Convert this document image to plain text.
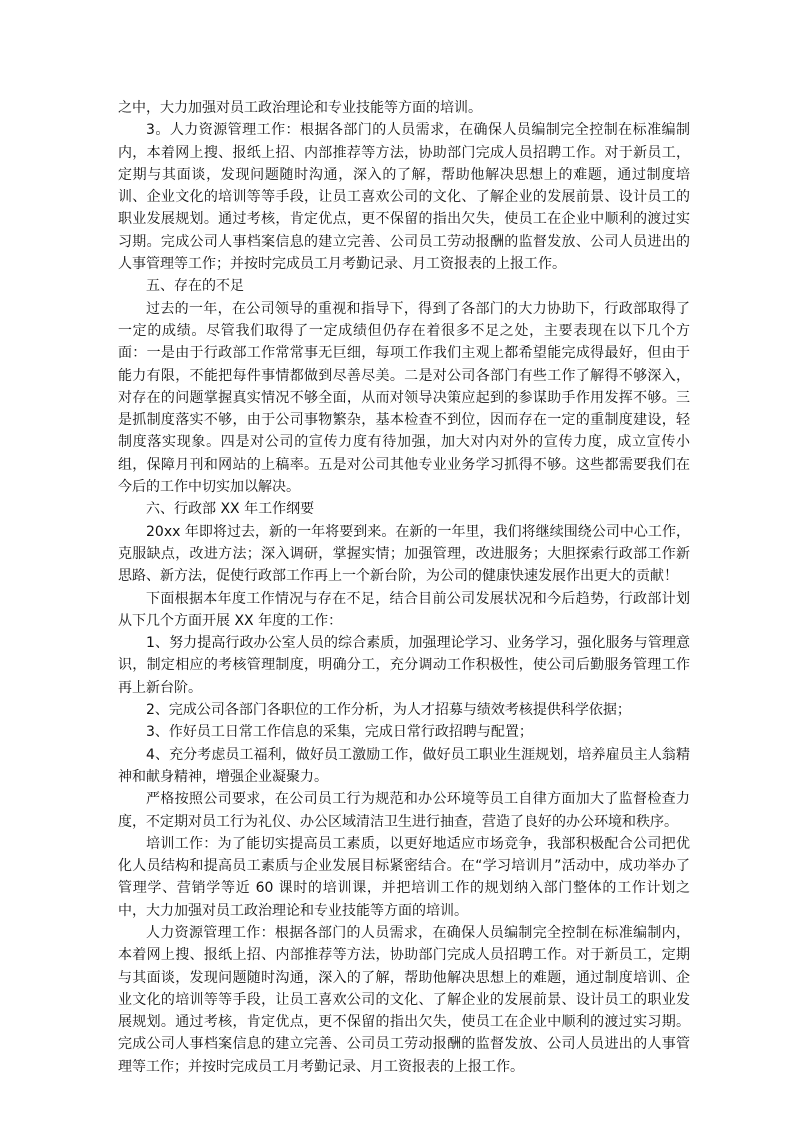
之中，大力加强对员工政治理论和专业技能等方面的培训。

3。人力资源管理工作：根据各部门的人员需求，在确保人员编制完全控制在标准编制内，本着网上搜、报纸上招、内部推荐等方法，协助部门完成人员招聘工作。对于新员工，定期与其面谈，发现问题随时沟通，深入的了解，帮助他解决思想上的难题，通过制度培训、企业文化的培训等等手段，让员工喜欢公司的文化、了解企业的发展前景、设计员工的职业发展规划。通过考核，肯定优点，更不保留的指出欠失，使员工在企业中顺利的渡过实习期。完成公司人事档案信息的建立完善、公司员工劳动报酬的监督发放、公司人员进出的人事管理等工作；并按时完成员工月考勤记录、月工资报表的上报工作。

五、存在的不足

过去的一年，在公司领导的重视和指导下，得到了各部门的大力协助下，行政部取得了一定的成绩。尽管我们取得了一定成绩但仍存在着很多不足之处，主要表现在以下几个方面：一是由于行政部工作常常事无巨细，每项工作我们主观上都希望能完成得最好，但由于能力有限，不能把每件事情都做到尽善尽美。二是对公司各部门有些工作了解得不够深入，对存在的问题掌握真实情况不够全面，从而对领导决策应起到的参谋助手作用发挥不够。三是抓制度落实不够，由于公司事物繁杂，基本检查不到位，因而存在一定的重制度建设，轻制度落实现象。四是对公司的宣传力度有待加强，加大对内对外的宣传力度，成立宣传小组，保障月刊和网站的上稿率。五是对公司其他专业业务学习抓得不够。这些都需要我们在今后的工作中切实加以解决。

六、行政部 XX 年工作纲要

20xx 年即将过去，新的一年将要到来。在新的一年里，我们将继续围绕公司中心工作，克服缺点，改进方法；深入调研，掌握实情；加强管理，改进服务；大胆探索行政部工作新思路、新方法，促使行政部工作再上一个新台阶，为公司的健康快速发展作出更大的贡献！

下面根据本年度工作情况与存在不足，结合目前公司发展状况和今后趋势，行政部计划从下几个方面开展 XX 年度的工作：

1、努力提高行政办公室人员的综合素质，加强理论学习、业务学习，强化服务与管理意识，制定相应的考核管理制度，明确分工，充分调动工作积极性，使公司后勤服务管理工作再上新台阶。

2、完成公司各部门各职位的工作分析，为人才招募与绩效考核提供科学依据；

3、作好员工日常工作信息的采集，完成日常行政招聘与配置；

4、充分考虑员工福利，做好员工激励工作，做好员工职业生涯规划，培养雇员主人翁精神和献身精神，增强企业凝聚力。

严格按照公司要求，在公司员工行为规范和办公环境等员工自律方面加大了监督检查力度，不定期对员工行为礼仪、办公区域清洁卫生进行抽查，营造了良好的办公环境和秩序。

培训工作：为了能切实提高员工素质，以更好地适应市场竞争，我部积极配合公司把优化人员结构和提高员工素质与企业发展目标紧密结合。在“学习培训月”活动中，成功举办了管理学、营销学等近 60 课时的培训课，并把培训工作的规划纳入部门整体的工作计划之中，大力加强对员工政治理论和专业技能等方面的培训。

人力资源管理工作：根据各部门的人员需求，在确保人员编制完全控制在标准编制内，本着网上搜、报纸上招、内部推荐等方法，协助部门完成人员招聘工作。对于新员工，定期与其面谈，发现问题随时沟通，深入的了解，帮助他解决思想上的难题，通过制度培训、企业文化的培训等等手段，让员工喜欢公司的文化、了解企业的发展前景、设计员工的职业发展规划。通过考核，肯定优点，更不保留的指出欠失，使员工在企业中顺利的渡过实习期。完成公司人事档案信息的建立完善、公司员工劳动报酬的监督发放、公司人员进出的人事管理等工作；并按时完成员工月考勤记录、月工资报表的上报工作。
